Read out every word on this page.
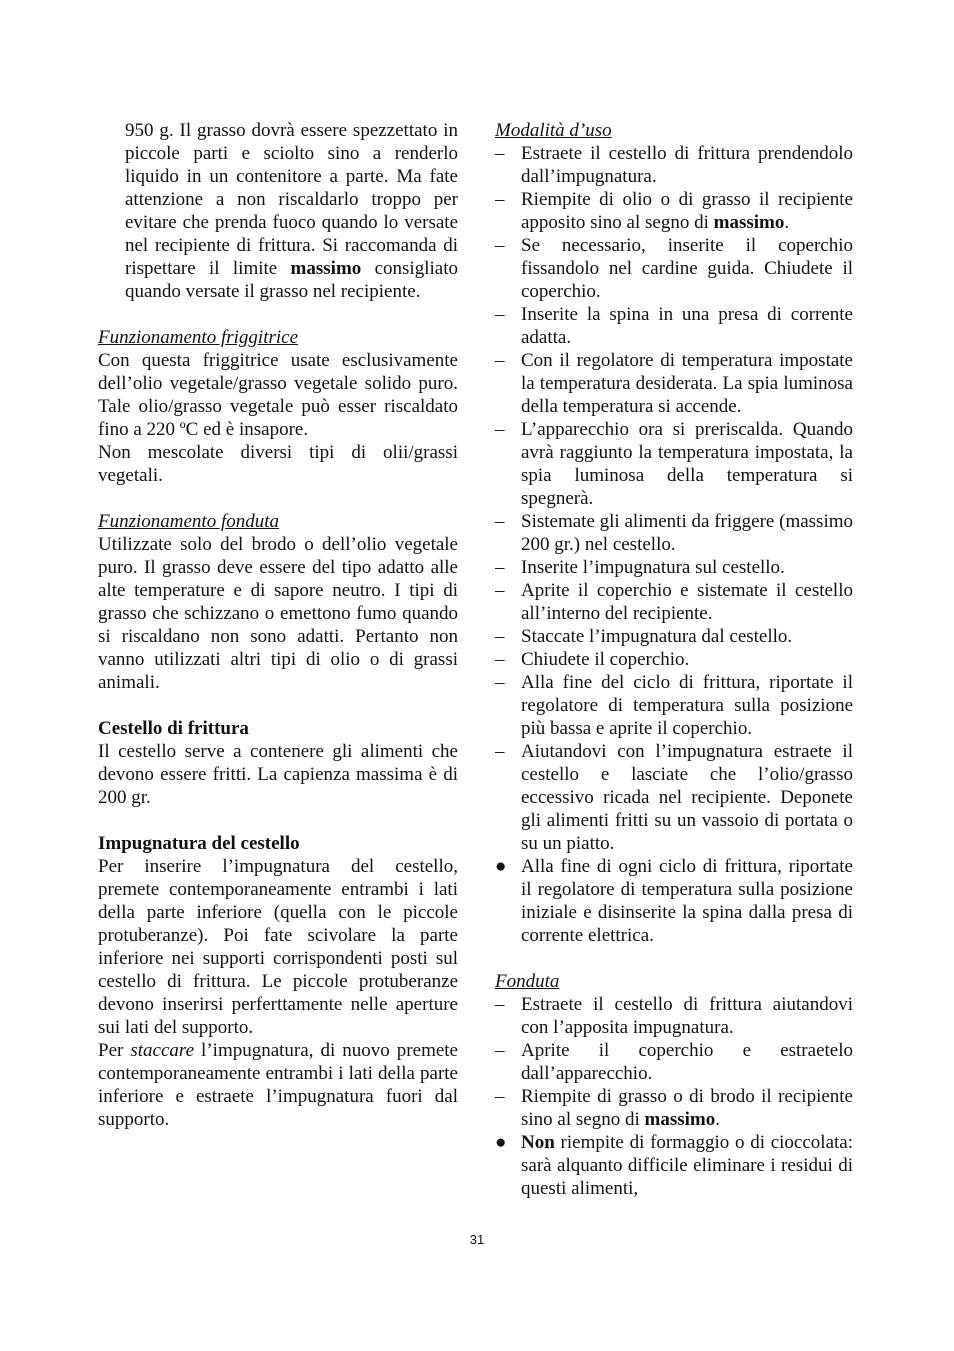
950 g. Il grasso dovrà essere spezzettato in piccole parti e sciolto sino a renderlo liquido in un contenitore a parte. Ma fate attenzione a non riscaldarlo troppo per evitare che prenda fuoco quando lo versate nel recipiente di frittura. Si raccomanda di rispettare il limite massimo consigliato quando versate il grasso nel recipiente.

Funzionamento friggitrice

Con questa friggitrice usate esclusivamente dell’olio vegetale/grasso vegetale solido puro. Tale olio/grasso vegetale può esser riscaldato fino a 220 ºC ed è insapore.

Non mescolate diversi tipi di olii/grassi vegetali.

Funzionamento fonduta

Utilizzate solo del brodo o dell’olio vegetale puro. Il grasso deve essere del tipo adatto alle alte temperature e di sapore neutro. I tipi di grasso che schizzano o emettono fumo quando si riscaldano non sono adatti. Pertanto non vanno utilizzati altri tipi di olio o di grassi animali.

Cestello di frittura

Il cestello serve a contenere gli alimenti che devono essere fritti. La capienza massima è di 200 gr.

Impugnatura del cestello

Per inserire l’impugnatura del cestello, premete contemporaneamente entrambi i lati della parte inferiore (quella con le piccole protuberanze). Poi fate scivolare la parte inferiore nei supporti corrispondenti posti sul cestello di frittura. Le piccole protuberanze devono inserirsi perferttamente nelle aperture sui lati del supporto.

Per staccare l’impugnatura, di nuovo premete contemporaneamente entrambi i lati della parte inferiore e estraete l’impugnatura fuori dal supporto.

Modalità d’uso

– Estraete il cestello di frittura prendendolo dall’impugnatura.
– Riempite di olio o di grasso il recipiente apposito sino al segno di massimo.
– Se necessario, inserite il coperchio fissandolo nel cardine guida. Chiudete il coperchio.
– Inserite la spina in una presa di corrente adatta.
– Con il regolatore di temperatura impostate la temperatura desiderata. La spia luminosa della temperatura si accende.
– L’apparecchio ora si preriscalda. Quando avrà raggiunto la temperatura impostata, la spia luminosa della temperatura si spegnerà.
– Sistemate gli alimenti da friggere (massimo 200 gr.) nel cestello.
– Inserite l’impugnatura sul cestello.
– Aprite il coperchio e sistemate il cestello all’interno del recipiente.
– Staccate l’impugnatura dal cestello.
– Chiudete il coperchio.
– Alla fine del ciclo di frittura, riportate il regolatore di temperatura sulla posizione più bassa e aprite il coperchio.
– Aiutandovi con l’impugnatura estraete il cestello e lasciate che l’olio/grasso eccessivo ricada nel recipiente. Deponete gli alimenti fritti su un vassoio di portata o su un piatto.
● Alla fine di ogni ciclo di frittura, riportate il regolatore di temperatura sulla posizione iniziale e disinserite la spina dalla presa di corrente elettrica.

Fonduta

– Estraete il cestello di frittura aiutandovi con l’apposita impugnatura.
– Aprite il coperchio e estraetelo dall’apparecchio.
– Riempite di grasso o di brodo il recipiente sino al segno di massimo.
● Non riempite di formaggio o di cioccolata: sarà alquanto difficile eliminare i residui di questi alimenti,
31
